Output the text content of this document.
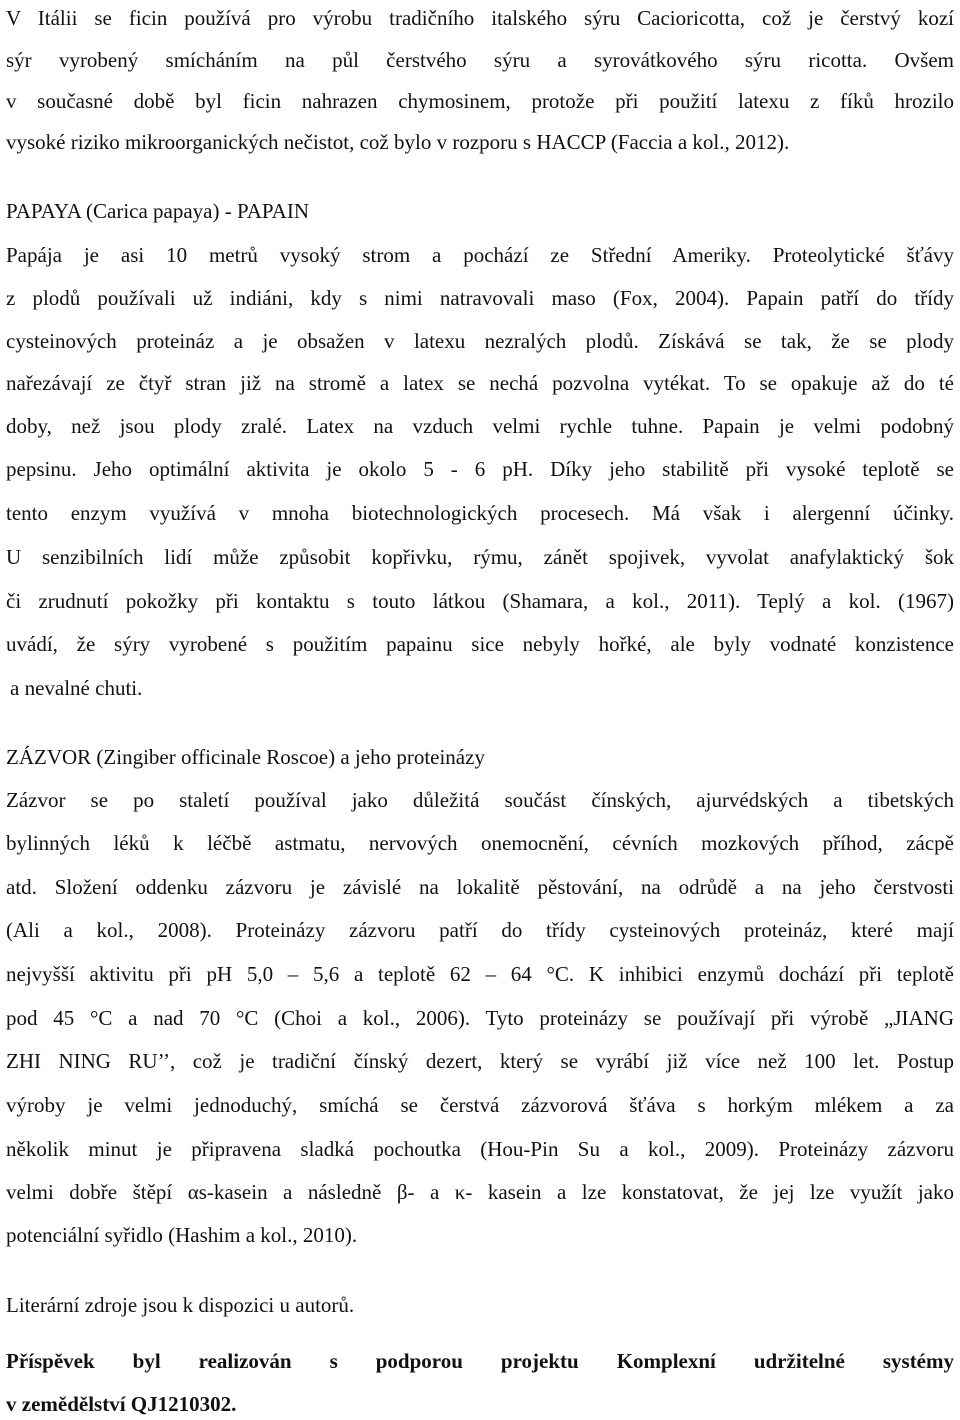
V Itálii se ficin používá pro výrobu tradičního italského sýru Cacioricotta, což je čerstvý kozí
sýr vyrobený smícháním na půl čerstvého sýru a syrovátkového sýru ricotta. Ovšem
v současné době byl ficin nahrazen chymosinem, protože při použití latexu z fíků hrozilo
vysoké riziko mikroorganických nečistot, což bylo v rozporu s HACCP (Faccia a kol., 2012).
PAPAYA (Carica papaya) - PAPAIN
Papája je asi 10 metrů vysoký strom a pochází ze Střední Ameriky. Proteolytické šťávy
z plodů používali už indiáni, kdy s nimi natravovali maso (Fox, 2004). Papain patří do třídy
cysteinových proteináz a je obsažen v latexu nezralých plodů. Získává se tak, že se plody
nařezávají ze čtyř stran již na stromě a latex se nechá pozvolna vytékat. To se opakuje až do té
doby, než jsou plody zralé. Latex na vzduch velmi rychle tuhne. Papain je velmi podobný
pepsinu. Jeho optimální aktivita je okolo 5 - 6 pH. Díky jeho stabilitě při vysoké teplotě se
tento enzym využívá v mnoha biotechnologických procesech. Má však i alergenní účinky.
U senzibilních lidí může způsobit kopřivku, rýmu, zánět spojivek, vyvolat anafylaktický šok
či zrudnutí pokožky při kontaktu s touto látkou (Shamara, a kol., 2011). Teplý a kol. (1967)
uvádí, že sýry vyrobené s použitím papainu sice nebyly hořké, ale byly vodnaté konzistence
a nevalné chuti.
ZÁZVOR (Zingiber officinale Roscoe) a jeho proteinázy
Zázvor se po staletí používal jako důležitá součást čínských, ajurvédských a tibetských
bylinných léků k léčbě astmatu, nervových onemocnění, cévních mozkových příhod, zácpě
atd. Složení oddenku zázvoru je závislé na lokalitě pěstování, na odrůdě a na jeho čerstvosti
(Ali a kol., 2008). Proteinázy zázvoru patří do třídy cysteinových proteináz, které mají
nejvyšší aktivitu při pH 5,0 – 5,6 a teplotě 62 – 64 °C. K inhibici enzymů dochází při teplotě
pod 45 °C a nad 70 °C (Choi a kol., 2006). Tyto proteinázy se používají při výrobě „JIANG
ZHI NING RU’’, což je tradiční čínský dezert, který se vyrábí již více než 100 let. Postup
výroby je velmi jednoduchý, smíchá se čerstvá zázvorová šťáva s horkým mlékem a za
několik minut je připravena sladká pochoutka (Hou-Pin Su a kol., 2009). Proteinázy zázvoru
velmi dobře štěpí αs-kasein a následně β- a κ- kasein a lze konstatovat, že jej lze využít jako
potenciální syřidlo (Hashim a kol., 2010).
Literární zdroje jsou k dispozici u autorů.
Příspěvek byl realizován s podporou projektu Komplexní udržitelné systémy
v zemědělství QJ1210302.
